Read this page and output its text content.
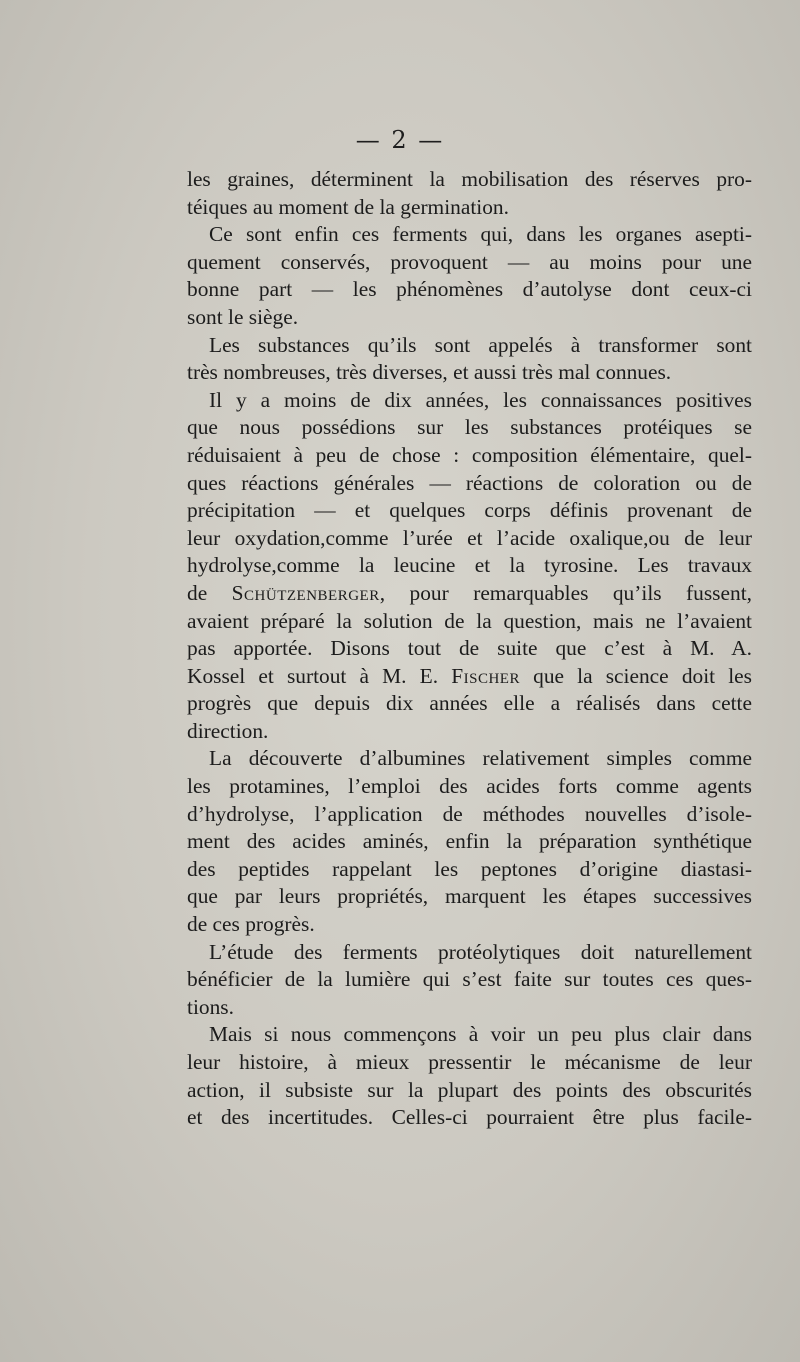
— 2 —
les graines, déterminent la mobilisation des réserves pro-
téiques au moment de la germination.
Ce sont enfin ces ferments qui, dans les organes asepti-
quement conservés, provoquent — au moins pour une
bonne part — les phénomènes d’autolyse dont ceux-ci
sont le siège.
Les substances qu’ils sont appelés à transformer sont
très nombreuses, très diverses, et aussi très mal connues.
Il y a moins de dix années, les connaissances positives
que nous possédions sur les substances protéiques se
réduisaient à peu de chose : composition élémentaire, quel-
ques réactions générales — réactions de coloration ou de
précipitation — et quelques corps définis provenant de
leur oxydation,comme l’urée et l’acide oxalique,ou de leur
hydrolyse,comme la leucine et la tyrosine. Les travaux
de Schützenberger, pour remarquables qu’ils fussent,
avaient préparé la solution de la question, mais ne l’avaient
pas apportée. Disons tout de suite que c’est à M. A.
Kossel et surtout à M. E. Fischer que la science doit les
progrès que depuis dix années elle a réalisés dans cette
direction.
La découverte d’albumines relativement simples comme
les protamines, l’emploi des acides forts comme agents
d’hydrolyse, l’application de méthodes nouvelles d’isole-
ment des acides aminés, enfin la préparation synthétique
des peptides rappelant les peptones d’origine diastasi-
que par leurs propriétés, marquent les étapes successives
de ces progrès.
L’étude des ferments protéolytiques doit naturellement
bénéficier de la lumière qui s’est faite sur toutes ces ques-
tions.
Mais si nous commençons à voir un peu plus clair dans
leur histoire, à mieux pressentir le mécanisme de leur
action, il subsiste sur la plupart des points des obscurités
et des incertitudes. Celles-ci pourraient être plus facile-
